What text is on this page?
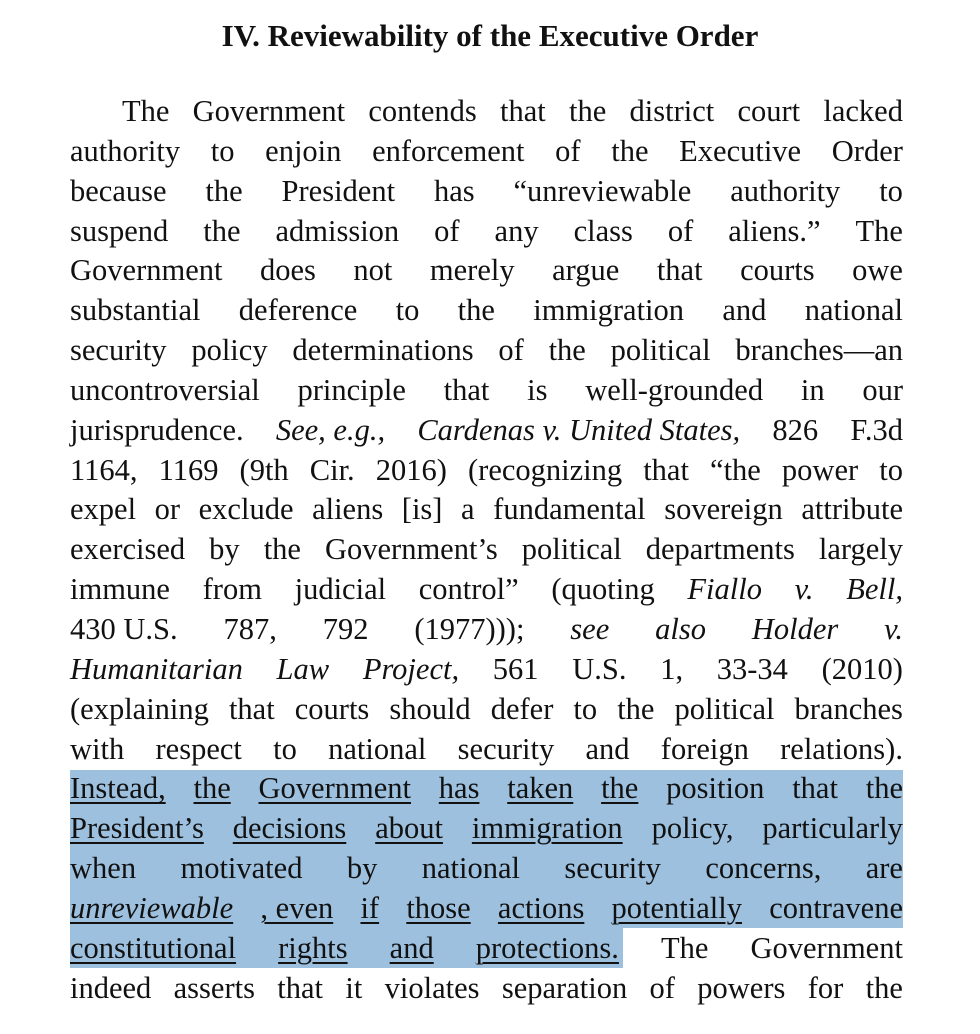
IV. Reviewability of the Executive Order
The Government contends that the district court lacked
authority to enjoin enforcement of the Executive Order
because the President has “unreviewable authority to
suspend the admission of any class of aliens.” The
Government does not merely argue that courts owe
substantial deference to the immigration and national
security policy determinations of the political branches—an
uncontroversial principle that is well-grounded in our
jurisprudence. See, e.g., Cardenas v. United States, 826 F.3d
1164, 1169 (9th Cir. 2016) (recognizing that “the power to
expel or exclude aliens [is] a fundamental sovereign attribute
exercised by the Government’s political departments largely
immune from judicial control” (quoting Fiallo v. Bell,
430 U.S. 787, 792 (1977))); see also Holder v.
Humanitarian Law Project, 561 U.S. 1, 33-34 (2010)
(explaining that courts should defer to the political branches
with respect to national security and foreign relations).
Instead, the Government has taken the position that the
President’s decisions about immigration policy, particularly
when motivated by national security concerns, are
unreviewable , even if those actions potentially contravene
constitutional rights and protections. The Government
indeed asserts that it violates separation of powers for the
